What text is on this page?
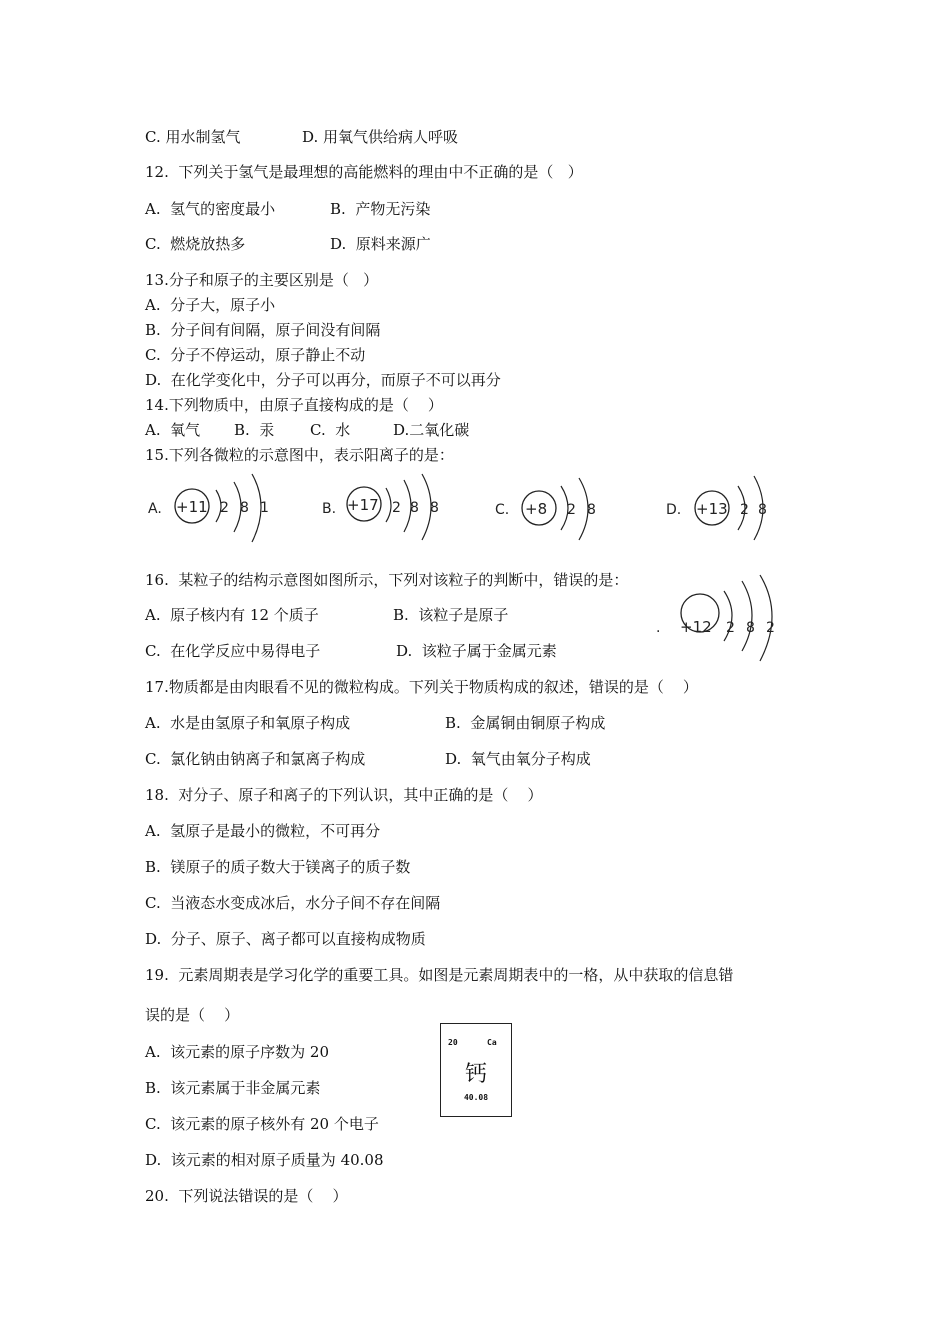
C. 用水制氢气	D. 用氧气供给病人呼吸
12.  下列关于氢气是最理想的高能燃料的理由中不正确的是（   ）
A.  氢气的密度最小	B.  产物无污染
C.  燃烧放热多	D.  原料来源广
13.分子和原子的主要区别是（   ）
A.  分子大，原子小
B.  分子间有间隔，原子间没有间隔
C.  分子不停运动，原子静止不动
D.  在化学变化中，分子可以再分，而原子不可以再分
14.下列物质中，由原子直接构成的是（    ）
A.  氧气 B.  汞 C.  水	D.二氧化碳
15.下列各微粒的示意图中，表示阳离子的是：
A. +11 2 8 1	B. +17 2 8 8	C. +8 2 8	D. +13 2 8
16.  某粒子的结构示意图如图所示，下列对该粒子的判断中，错误的是：
A.  原子核内有 12 个质子	B.  该粒子是原子
C.  在化学反应中易得电子	D.  该粒子属于金属元素
. +12 2 8 2
17.物质都是由肉眼看不见的微粒构成。下列关于物质构成的叙述，错误的是（    ）
A.  水是由氢原子和氧原子构成	B.  金属铜由铜原子构成
C.  氯化钠由钠离子和氯离子构成	D.  氧气由氧分子构成
18.  对分子、原子和离子的下列认识，其中正确的是（    ）
A.  氢原子是最小的微粒，不可再分
B.  镁原子的质子数大于镁离子的质子数
C.  当液态水变成冰后，水分子间不存在间隔
D.  分子、原子、离子都可以直接构成物质
19.  元素周期表是学习化学的重要工具。如图是元素周期表中的一格，从中获取的信息错
误的是（    ）
A.  该元素的原子序数为 20
B.  该元素属于非金属元素
C.  该元素的原子核外有 20 个电子
D.  该元素的相对原子质量为 40.08
20	Ca
钙
40.08
20.  下列说法错误的是（    ）
